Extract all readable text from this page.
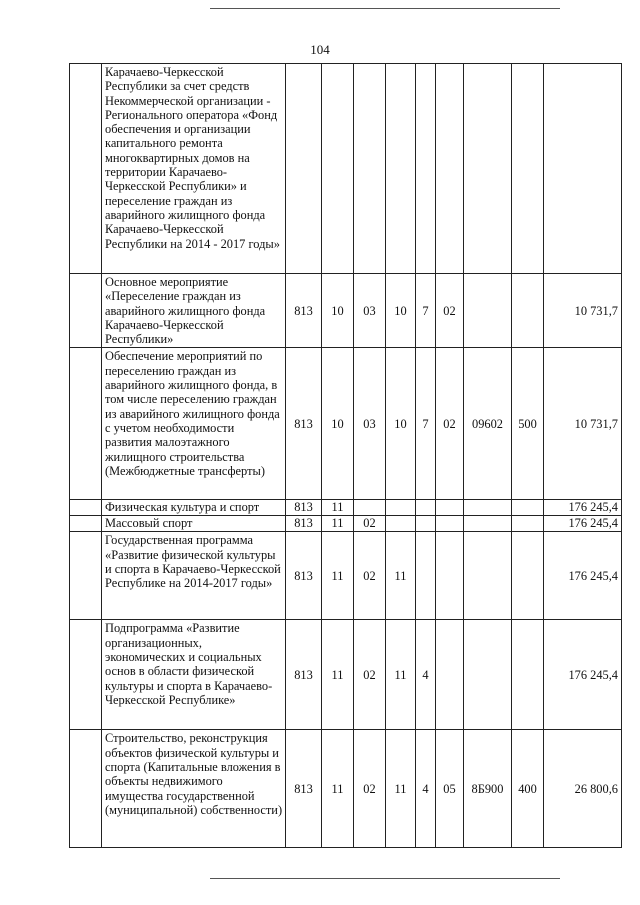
104
	Карачаево-Черкесской Республики за счет средств Некоммерческой организации - Регионального оператора «Фонд обеспечения и организации капитального ремонта многоквартирных домов на территории Карачаево-Черкесской Республики» и переселение граждан из аварийного жилищного фонда Карачаево-Черкесской Республики на 2014 - 2017 годы»									
	Основное мероприятие «Переселение граждан из аварийного жилищного фонда Карачаево-Черкесской Республики»	813	10	03	10	7	02			10 731,7
	Обеспечение мероприятий по переселению граждан из аварийного жилищного фонда, в том числе переселению граждан из аварийного жилищного фонда с учетом необходимости развития малоэтажного жилищного строительства (Межбюджетные трансферты)	813	10	03	10	7	02	09602	500	10 731,7
	Физическая культура и спорт	813	11							176 245,4
	Массовый спорт	813	11	02						176 245,4
	Государственная программа «Развитие физической культуры и спорта в Карачаево-Черкесской Республике на 2014-2017 годы»	813	11	02	11					176 245,4
	Подпрограмма «Развитие организационных, экономических и социальных основ в области физической культуры и спорта в Карачаево-Черкесской Республике»	813	11	02	11	4				176 245,4
	Строительство, реконструкция объектов физической культуры и спорта (Капитальные вложения в объекты недвижимого имущества государственной (муниципальной) собственности)	813	11	02	11	4	05	8Б900	400	26 800,6
